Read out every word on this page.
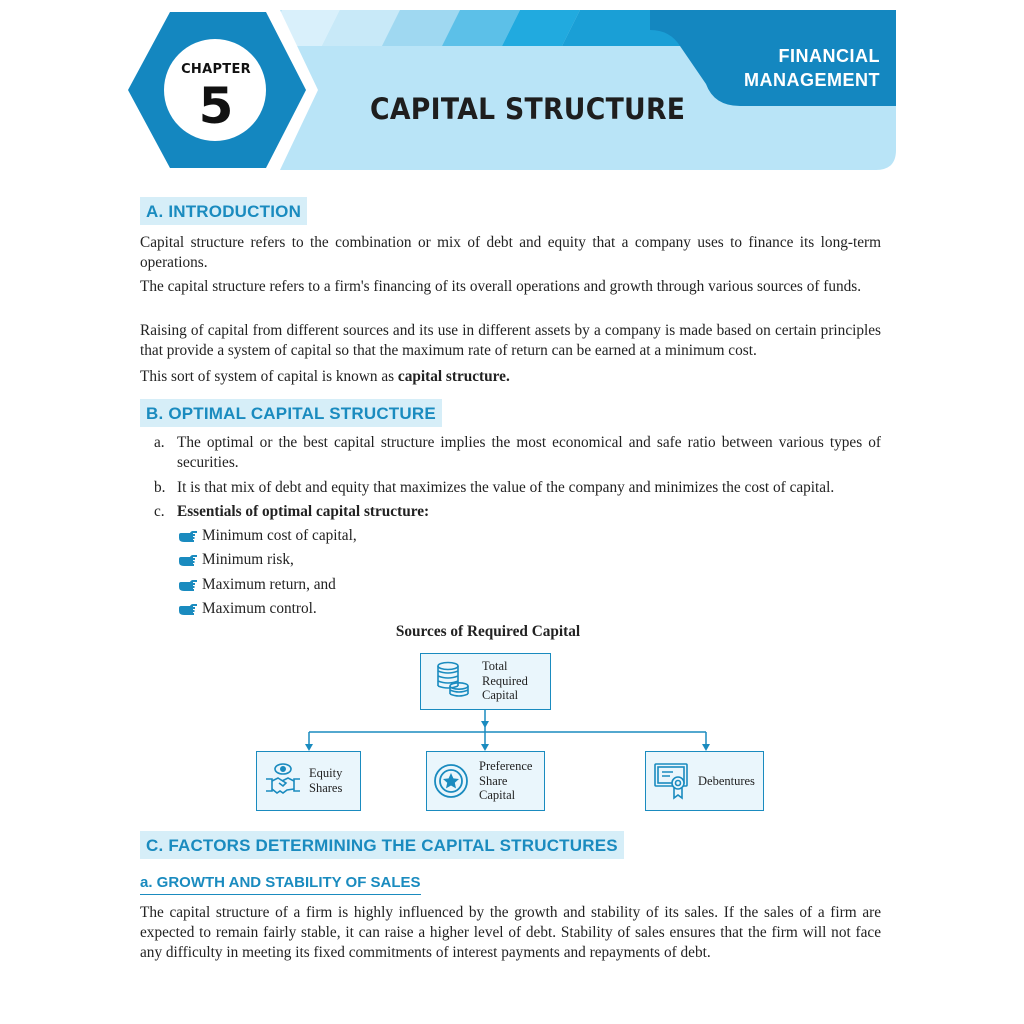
CHAPTER
5	CAPITAL STRUCTURE
FINANCIAL
MANAGEMENT
A. INTRODUCTION

Capital structure refers to the combination or mix of debt and equity that a company uses to finance its long-term operations.

The capital structure refers to a firm's financing of its overall operations and growth through various sources of funds.

Raising of capital from different sources and its use in different assets by a company is made based on certain principles that provide a system of capital so that the maximum rate of return can be earned at a minimum cost.

This sort of system of capital is known as capital structure.

B. OPTIMAL CAPITAL STRUCTURE
a. The optimal or the best capital structure implies the most economical and safe ratio between various types of securities.
b. It is that mix of debt and equity that maximizes the value of the company and minimizes the cost of capital.
c. Essentials of optimal capital structure:
Minimum cost of capital,
Minimum risk,
Maximum return, and
Maximum control.
Sources of Required Capital
Total
Required
Capital
Equity
Shares
Preference
Share
Capital
Debentures
C. FACTORS DETERMINING THE CAPITAL STRUCTURES
a. GROWTH AND STABILITY OF SALES

The capital structure of a firm is highly influenced by the growth and stability of its sales. If the sales of a firm are expected to remain fairly stable, it can raise a higher level of debt. Stability of sales ensures that the firm will not face any difficulty in meeting its fixed commitments of interest payments and repayments of debt.
